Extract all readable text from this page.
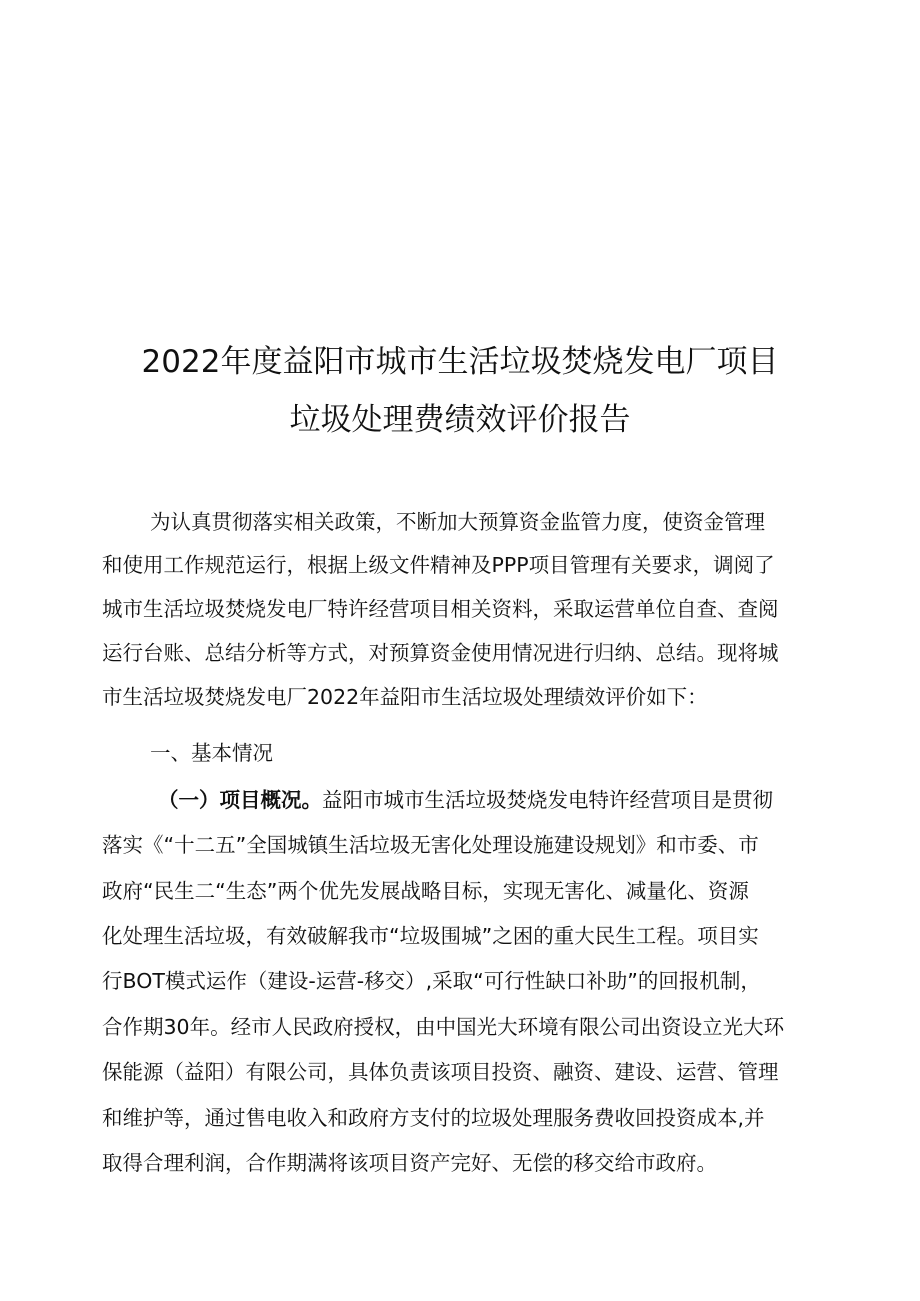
2022年度益阳市城市生活垃圾焚烧发电厂项目
垃圾处理费绩效评价报告
为认真贯彻落实相关政策，不断加大预算资金监管力度，使资金管理
和使用工作规范运行，根据上级文件精神及PPP项目管理有关要求，调阅了
城市生活垃圾焚烧发电厂特许经营项目相关资料，采取运营单位自查、查阅
运行台账、总结分析等方式，对预算资金使用情况进行归纳、总结。现将城
市生活垃圾焚烧发电厂2022年益阳市生活垃圾处理绩效评价如下：
一、基本情况
（一）项目概况。益阳市城市生活垃圾焚烧发电特许经营项目是贯彻
落实《“十二五”全国城镇生活垃圾无害化处理设施建设规划》和市委、市
政府“民生二“生态”两个优先发展战略目标，实现无害化、减量化、资源
化处理生活垃圾，有效破解我市“垃圾围城”之困的重大民生工程。项目实
行BOT模式运作（建设-运营-移交）,采取“可行性缺口补助”的回报机制，
合作期30年。经市人民政府授权，由中国光大环境有限公司出资设立光大环
保能源（益阳）有限公司，具体负责该项目投资、融资、建设、运营、管理
和维护等，通过售电收入和政府方支付的垃圾处理服务费收回投资成本,并
取得合理利润，合作期满将该项目资产完好、无偿的移交给市政府。
